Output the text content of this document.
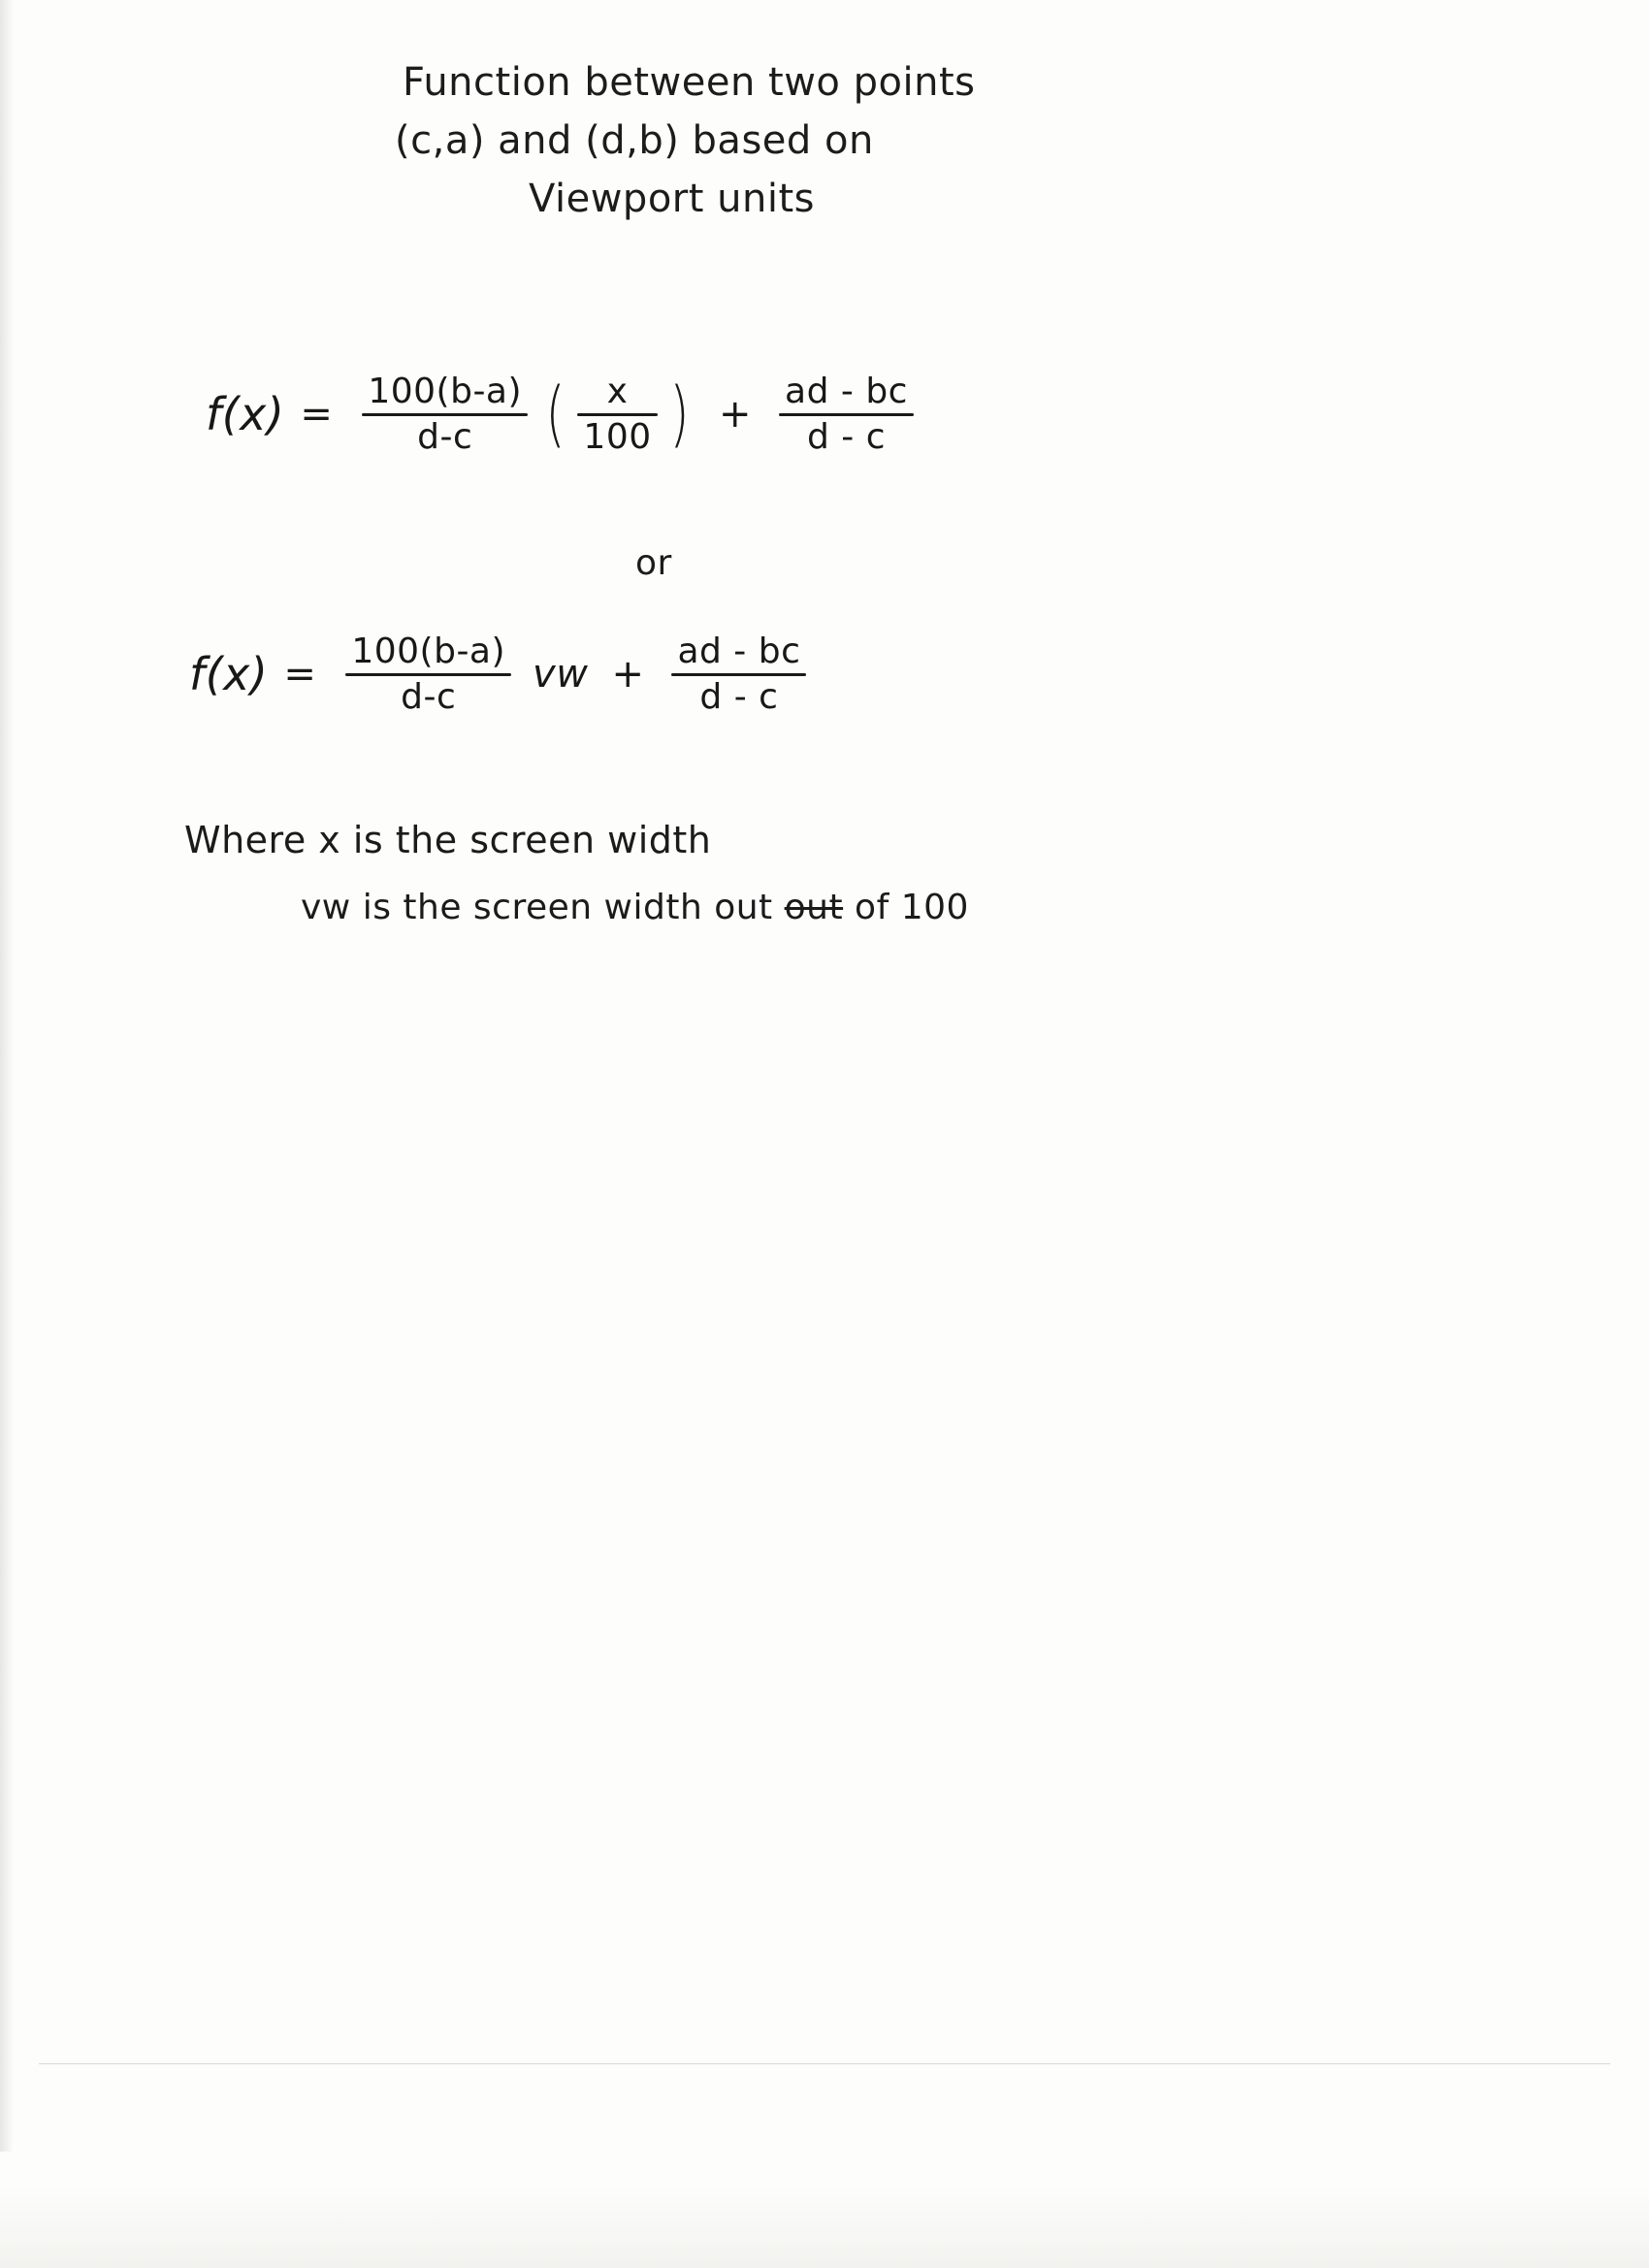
Function between two points
(c,a) and (d,b) based on
Viewport units
$f(x) = \frac{100(b-a)}{d-c}$ ( $\frac{x}{100}$ ) + $\frac{ad - bc}{d - c}$
or
$f(x) = \frac{100(b-a)}{d-c}$ vw + $\frac{ad - bc}{d - c}$
Where x is the screen width
vw is the screen width out out of 100
